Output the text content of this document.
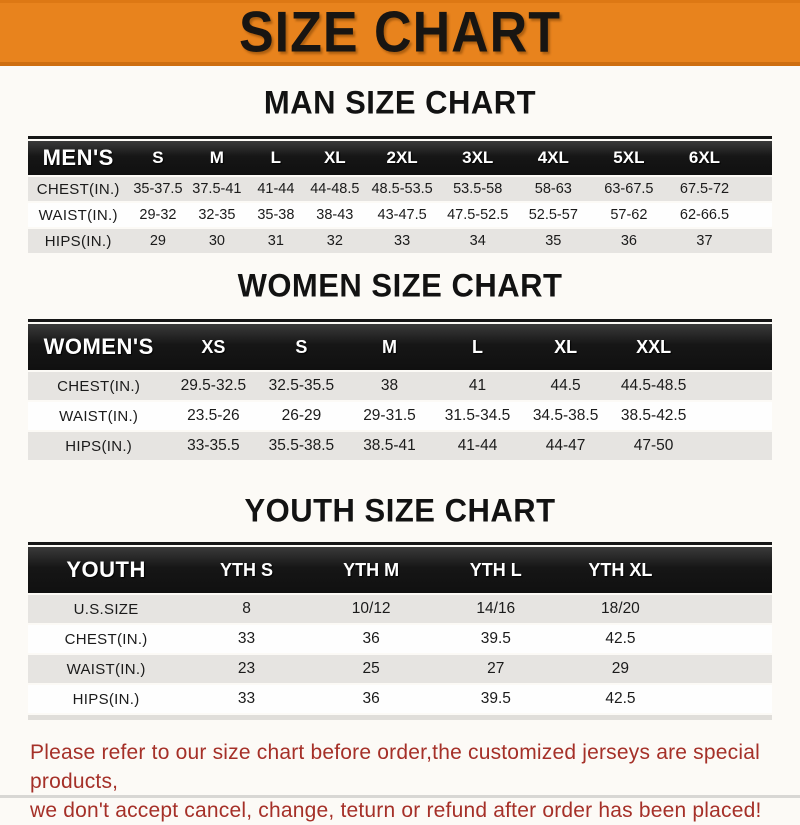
SIZE CHART
MAN SIZE CHART
MEN'S	S	M	L	XL	2XL	3XL	4XL	5XL	6XL
CHEST(IN.) 35-37.5 37.5-41	41-44	44-48.5 48.5-53.5	53.5-58	58-63	63-67.5	67.5-72
WAIST(IN.)	29-32	32-35	35-38	38-43	43-47.5	47.5-52.5	52.5-57	57-62	62-66.5
HIPS(IN.)	29	30	31	32	33	34	35	36	37
WOMEN SIZE CHART
WOMEN'S	XS	S	M	L	XL	XXL
CHEST(IN.)	29.5-32.5	32.5-35.5	38	41	44.5	44.5-48.5
WAIST(IN.)	23.5-26	26-29	29-31.5	31.5-34.5	34.5-38.5	38.5-42.5
HIPS(IN.)	33-35.5	35.5-38.5	38.5-41	41-44	44-47	47-50
YOUTH SIZE CHART
YOUTH	YTH S	YTH M	YTH L	YTH XL
U.S.SIZE	8	10/12	14/16	18/20
CHEST(IN.)	33	36	39.5	42.5
WAIST(IN.)	23	25	27	29
HIPS(IN.)	33	36	39.5	42.5
Please refer to our size chart before order,the customized jerseys are special products,
we don't accept cancel, change, teturn or refund after order has been placed!
